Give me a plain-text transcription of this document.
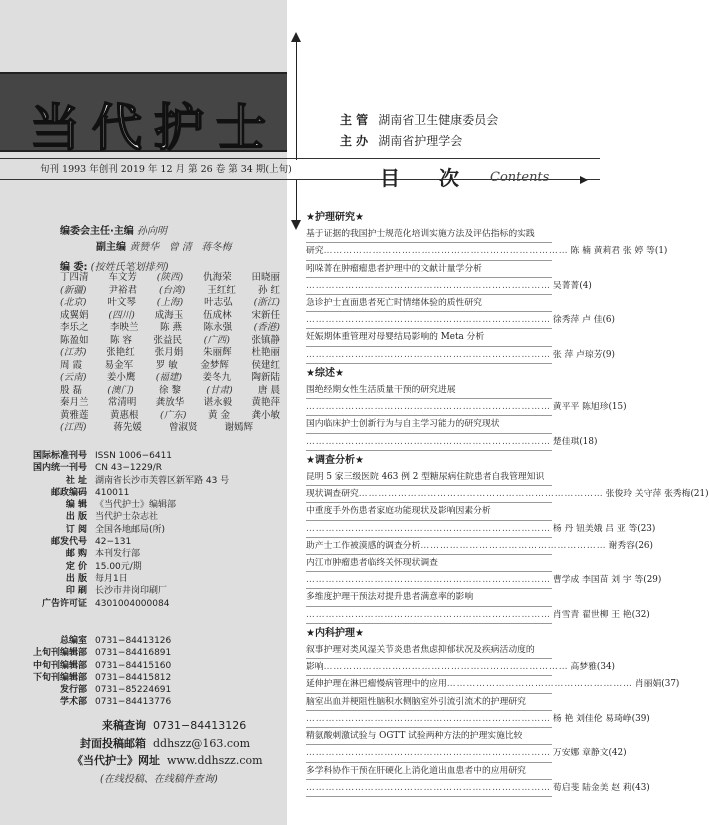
当代护士	主 管 湖南省卫生健康委员会
主 办 湖南省护理学会
旬刊 1993 年创刊 2019 年 12 月 第 26 卷 第 34 期(上旬)	目 次 Contents
编委会主任·主编 孙向明
副主编 黄赞华 曾 清 蒋冬梅
编 委: (按姓氏笔划排列)
丁四清 车文芳 (陕西) 仇海荣 田晓丽
(新疆) 尹裕君 (台湾) 王红红 孙 红
(北京) 叶文琴 (上海) 叶志弘 (浙江)
成翼娟 (四川) 成海玉 伍成林 宋新任
李乐之 李映兰 陈 燕 陈永强 (香港)
陈盈如 陈 容 张益民 (广西) 张镇静
(江苏) 张艳红 张月娟 朱丽辉 杜艳丽
周 霞 易金军 罗 敏 金梦辉 侯建红
(云南) 姜小鹰 (福建) 姜冬九 陶新陆
殷 磊	(澳门)	徐 黎	(甘肃)	唐 晨
秦月兰 常清明 龚放华 谌永毅 黄艳萍
黄雅莲 黄惠根 (广东) 黄 金 龚小敏
(江西)	蒋先媛	曾淑贤	谢嫣辉
国际标准刊号 ISSN 1006−6411
国内统一刊号 CN 43−1229/R
社 址 湖南省长沙市芙蓉区新军路 43 号
邮政编码 410011
编 辑 《当代护士》编辑部
出 版 当代护士杂志社
订 阅 全国各地邮局(所)
邮发代号 42−131
邮 购 本刊发行部
定 价 15.00元/期
出 版 每月1日
印 刷 长沙市井岗印刷厂
广告许可证 4301004000084
总编室 0731−84413126
上旬刊编辑部 0731−84416891
中旬刊编辑部 0731−84415160
下旬刊编辑部 0731−84415812
发行部 0731−85224691
学术部 0731−84413776
来稿查询 0731−84413126
封面投稿邮箱 ddhszz@163.com
《当代护士》网址 www.ddhszz.com
(在线投稿、在线稿件查询)
★护理研究★
基于证据的我国护士规范化培训实施方法及评估指标的实践
研究 ………………………………………………………………… 陈 楠 黄莉君 张 婷 等(1)
吲哚菁在肿瘤瘤患者护理中的文献计量学分析
………………………………………………………………… 吴菁菁(4)
急诊护士直面患者死亡时情绪体验的质性研究
………………………………………………………………… 徐秀萍 卢 佳(6)
妊娠期体重管理对母婴结局影响的 Meta 分析
………………………………………………………………… 张 萍 卢琼芳(9)
★综述★
围绝经期女性生活质量干预的研究进展
………………………………………………………………… 黄平平 陈旭珍(15)
国内临床护士创新行为与自主学习能力的研究现状
………………………………………………………………… 楚佳琪(18)
★调查分析★
昆明 5 家三级医院 463 例 2 型糖尿病住院患者自我管理知识
现状调查研究 ………………………………………………………………… 张俊玲 关守萍 张秀梅(21)
中重度手外伤患者家庭功能现状及影响因素分析
………………………………………………………………… 杨 丹 钮美娥 吕 亚 等(23)
助产士工作被漠感的调查分析 ………………………………………………… 谢秀容(26)
内江市肿瘤患者临终关怀现状调查
………………………………………………………………… 曹学成 李国苗 刘 宇 等(29)
多维度护理干预法对提升患者满意率的影响
………………………………………………………………… 肖雪青 翟世柳 王 艳(32)
★内科护理★
叙事护理对类风湿关节炎患者焦虑抑郁状况及疾病活动度的
影响 ………………………………………………………………… 高梦雅(34)
延伸护理在淋巴瘤慢病管理中的应用 ………………………………………………… 肖丽娟(37)
脑室出血并梗阻性脑积水侧脑室外引流引流术的护理研究
………………………………………………………………… 杨 艳 刘佳伦 易琦峥(39)
精氨酸刺激试验与 OGTT 试验两种方法的护理实施比较
………………………………………………………………… 万安娜 章静文(42)
多学科协作干预在肝硬化上消化道出血患者中的应用研究
………………………………………………………………… 荀启斐 陆金美 赵 莉(43)
